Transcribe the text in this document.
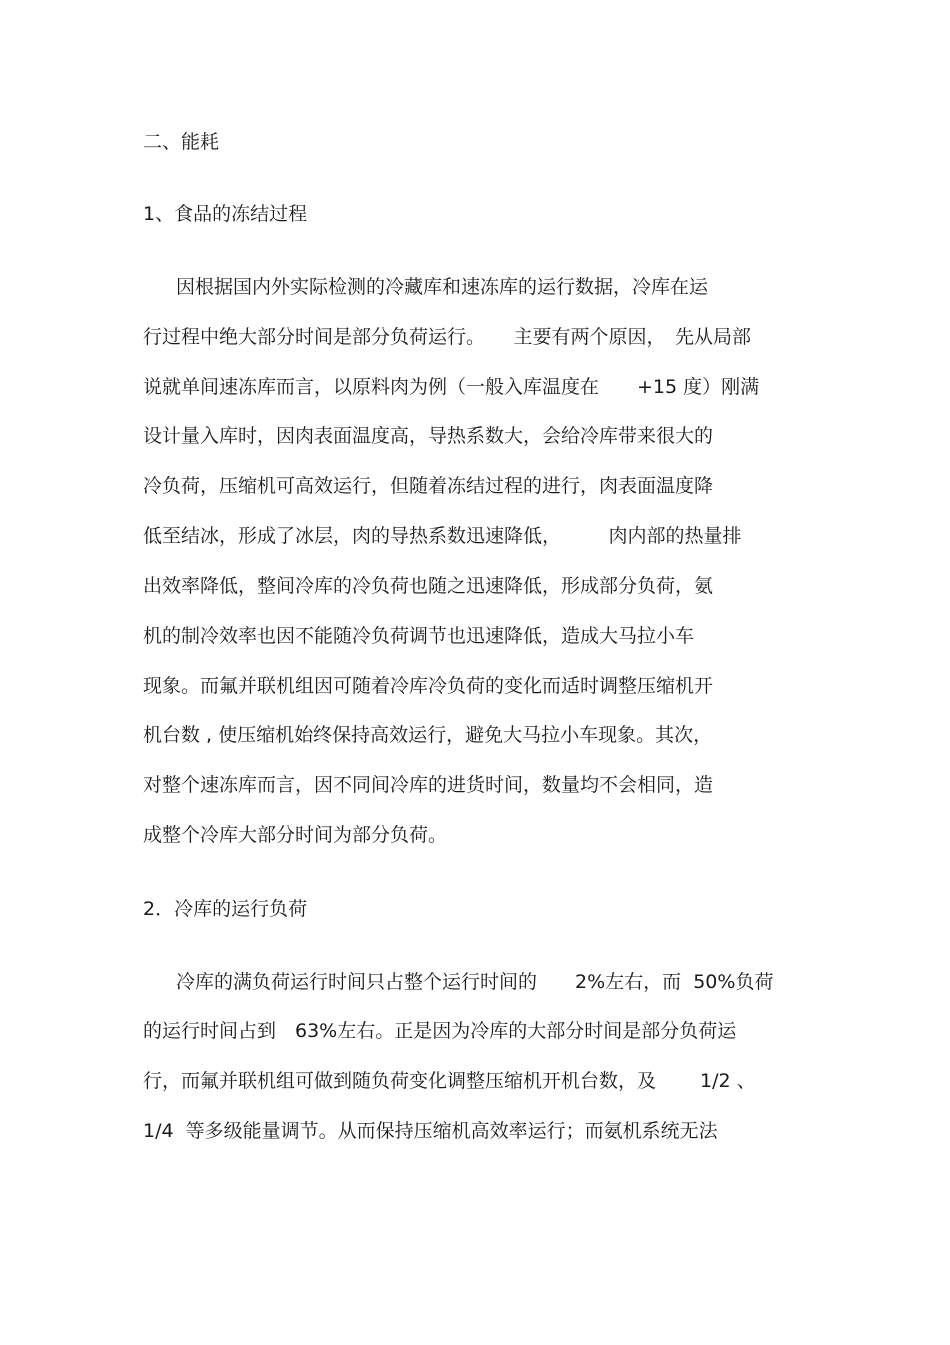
二、能耗
1、食品的冻结过程
因根据国内外实际检测的冷藏库和速冻库的运行数据，冷库在运
行过程中绝大部分时间是部分负荷运行。　　主要有两个原因，　先从局部
说就单间速冻库而言，以原料肉为例（一般入库温度在　　+15 度）刚满
设计量入库时，因肉表面温度高，导热系数大，会给冷库带来很大的
冷负荷，压缩机可高效运行，但随着冻结过程的进行，肉表面温度降
低至结冰，形成了冰层，肉的导热系数迅速降低，　　　肉内部的热量排
出效率降低，整间冷库的冷负荷也随之迅速降低，形成部分负荷，氨
机的制冷效率也因不能随冷负荷调节也迅速降低，造成大马拉小车
现象。而氟并联机组因可随着冷库冷负荷的变化而适时调整压缩机开
机台数 , 使压缩机始终保持高效运行，避免大马拉小车现象。其次，
对整个速冻库而言，因不同间冷库的进货时间，数量均不会相同，造
成整个冷库大部分时间为部分负荷。
2．冷库的运行负荷
冷库的满负荷运行时间只占整个运行时间的　　2%左右，而  50%负荷
的运行时间占到　63%左右。正是因为冷库的大部分时间是部分负荷运
行，而氟并联机组可做到随负荷变化调整压缩机开机台数，及　　 1/2 、
1/4  等多级能量调节。从而保持压缩机高效率运行；而氨机系统无法
